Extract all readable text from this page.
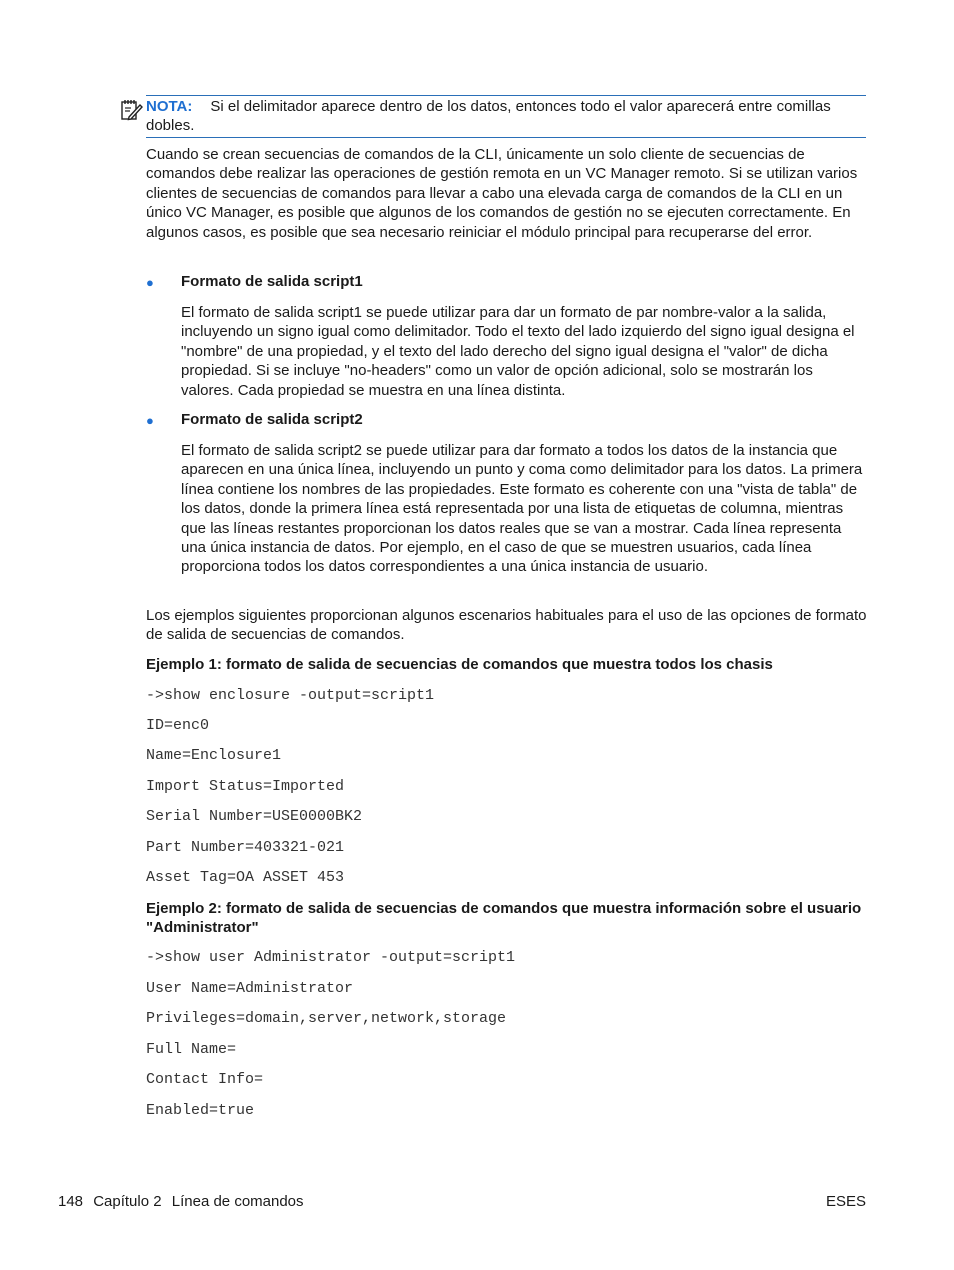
NOTA: Si el delimitador aparece dentro de los datos, entonces todo el valor aparecerá entre comillas dobles.

Cuando se crean secuencias de comandos de la CLI, únicamente un solo cliente de secuencias de comandos debe realizar las operaciones de gestión remota en un VC Manager remoto. Si se utilizan varios clientes de secuencias de comandos para llevar a cabo una elevada carga de comandos de la CLI en un único VC Manager, es posible que algunos de los comandos de gestión no se ejecuten correctamente. En algunos casos, es posible que sea necesario reiniciar el módulo principal para recuperarse del error.

● Formato de salida script1

El formato de salida script1 se puede utilizar para dar un formato de par nombre-valor a la salida, incluyendo un signo igual como delimitador. Todo el texto del lado izquierdo del signo igual designa el "nombre" de una propiedad, y el texto del lado derecho del signo igual designa el "valor" de dicha propiedad. Si se incluye "no-headers" como un valor de opción adicional, solo se mostrarán los valores. Cada propiedad se muestra en una línea distinta.

● Formato de salida script2

El formato de salida script2 se puede utilizar para dar formato a todos los datos de la instancia que aparecen en una única línea, incluyendo un punto y coma como delimitador para los datos. La primera línea contiene los nombres de las propiedades. Este formato es coherente con una "vista de tabla" de los datos, donde la primera línea está representada por una lista de etiquetas de columna, mientras que las líneas restantes proporcionan los datos reales que se van a mostrar. Cada línea representa una única instancia de datos. Por ejemplo, en el caso de que se muestren usuarios, cada línea proporciona todos los datos correspondientes a una única instancia de usuario.

Los ejemplos siguientes proporcionan algunos escenarios habituales para el uso de las opciones de formato de salida de secuencias de comandos.

Ejemplo 1: formato de salida de secuencias de comandos que muestra todos los chasis

->show enclosure -output=script1

ID=enc0

Name=Enclosure1

Import Status=Imported

Serial Number=USE0000BK2

Part Number=403321-021

Asset Tag=OA ASSET 453

Ejemplo 2: formato de salida de secuencias de comandos que muestra información sobre el usuario "Administrator"

->show user Administrator -output=script1

User Name=Administrator

Privileges=domain,server,network,storage

Full Name=

Contact Info=

Enabled=true

148 Capítulo 2 Línea de comandos	ESES
